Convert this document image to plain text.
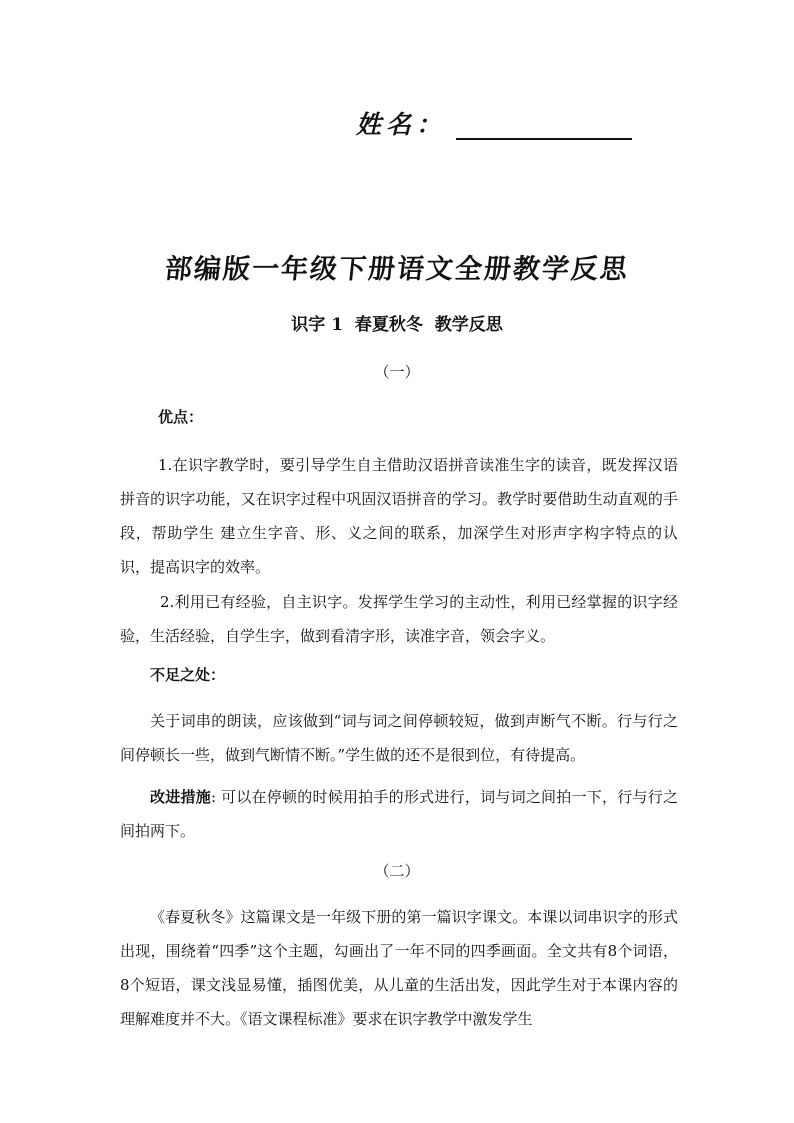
姓名：
部编版一年级下册语文全册教学反思
识字 1  春夏秋冬  教学反思
（一）
优点：
1.在识字教学时，要引导学生自主借助汉语拼音读准生字的读音，既发挥汉语拼音的识字功能，又在识字过程中巩固汉语拼音的学习。教学时要借助生动直观的手段，帮助学生 建立生字音、形、义之间的联系，加深学生对形声字构字特点的认识，提高识字的效率。
2.利用已有经验，自主识字。发挥学生学习的主动性，利用已经掌握的识字经验，生活经验，自学生字，做到看清字形，读准字音，领会字义。
不足之处：
关于词串的朗读，应该做到“词与词之间停顿较短，做到声断气不断。行与行之间停顿长一些，做到气断情不断。”学生做的还不是很到位，有待提高。
改进措施: 可以在停顿的时候用拍手的形式进行，词与词之间拍一下，行与行之间拍两下。
（二）
《春夏秋冬》这篇课文是一年级下册的第一篇识字课文。本课以词串识字的形式出现，围绕着“四季”这个主题，勾画出了一年不同的四季画面。全文共有8个词语，8个短语，课文浅显易懂，插图优美，从儿童的生活出发，因此学生对于本课内容的理解难度并不大。《语文课程标准》要求在识字教学中激发学生
